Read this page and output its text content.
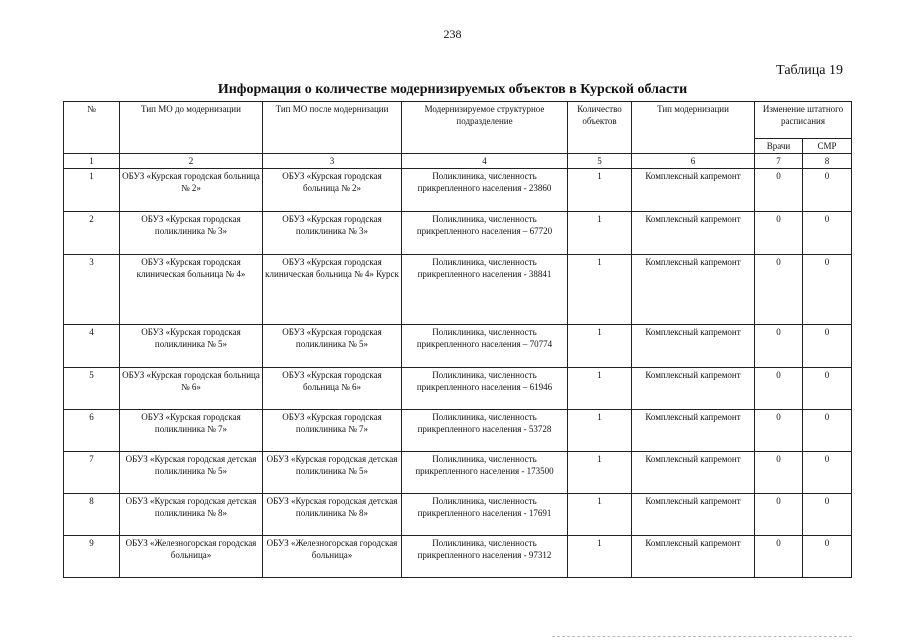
238
Таблица 19
Информация о количестве модернизируемых объектов в Курской области
№	Тип МО до модернизации	Тип МО после модернизации	Модернизируемое структурное подразделение	Количество объектов	Тип модернизации	Изменение штатного расписания	
						Врачи	СМР
1	2	3	4	5	6	7	8
1	ОБУЗ «Курская городская больница № 2»	ОБУЗ «Курская городская больница № 2»	Поликлиника, численность прикрепленного населения - 23860	1	Комплексный капремонт	0	0
2	ОБУЗ «Курская городская поликлиника № 3»	ОБУЗ «Курская городская поликлиника № 3»	Поликлиника, численность прикрепленного населения – 67720	1	Комплексный капремонт	0	0
3	ОБУЗ «Курская городская клиническая больница № 4»	ОБУЗ «Курская городская клиническая больница № 4» Курск	Поликлиника, численность прикрепленного населения - 38841	1	Комплексный капремонт	0	0
4	ОБУЗ «Курская городская поликлиника № 5»	ОБУЗ «Курская городская поликлиника № 5»	Поликлиника, численность прикрепленного населения – 70774	1	Комплексный капремонт	0	0
5	ОБУЗ «Курская городская больница № 6»	ОБУЗ «Курская городская больница № 6»	Поликлиника, численность прикрепленного населения – 61946	1	Комплексный капремонт	0	0
6	ОБУЗ «Курская городская поликлиника № 7»	ОБУЗ «Курская городская поликлиника № 7»	Поликлиника, численность прикрепленного населения - 53728	1	Комплексный капремонт	0	0
7	ОБУЗ «Курская городская детская поликлиника № 5»	ОБУЗ «Курская городская детская поликлиника № 5»	Поликлиника, численность прикрепленного населения - 173500	1	Комплексный капремонт	0	0
8	ОБУЗ «Курская городская детская поликлиника № 8»	ОБУЗ «Курская городская детская поликлиника № 8»	Поликлиника, численность прикрепленного населения - 17691	1	Комплексный капремонт	0	0
9	ОБУЗ «Железногорская городская больница»	ОБУЗ «Железногорская городская больница»	Поликлиника, численность прикрепленного населения - 97312	1	Комплексный капремонт	0	0
